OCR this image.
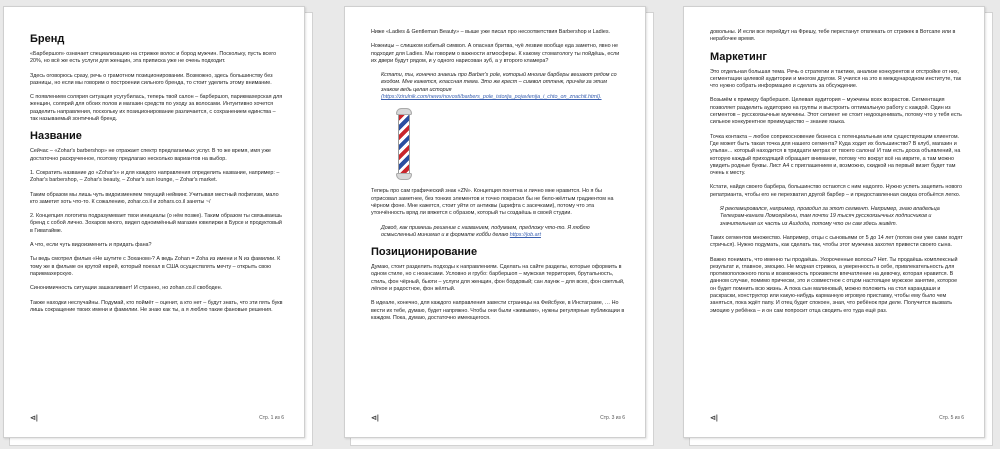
Бренд

«Барбершоп» означает специализацию на стрижке волос и бород мужчин. Поскольку, пусть всего 20%, но всё же есть услуги для женщин, эта приписка уже не очень подходит.

Здесь оговорюсь сразу, речь о грамотном позиционировании. Возможно, здесь большинству без разницы, но если мы говорим о построении сильного бренда, то стоит уделить этому внимание.

С появлением солярия ситуация усугубилась, теперь твой салон – барбершоп, парикмахерская для женщин, солярий для обоих полов и магазин средств по уходу за волосами. Интуитивно хочется разделить направления, поскольку их позиционирование различается, с сохранением единства – так называемый зонтичный бренд.

Название

Сейчас – «Zohar's barbershop» не отражает спектр предлагаемых услуг. В то же время, имя уже достаточно раскрученное, поэтому предлагаю несколько вариантов на выбор.

1. Сократить название до «Zohar's» и для каждого направления определить название, например: – Zohar's barbershop, – Zohar's beauty, – Zohar's sun lounge, – Zohar's market.

Таким образом мы лишь чуть видоизменяем текущий нейминг. Учитывая местный пофигизм, мало кто заметит хоть что-то. К сожалению, zohar.co.il и zohars.co.il заняты ~/

2. Концепция логотипа подразумевает твои инициалы (о нём позже). Таким образом ты связываешь бренд с собой лично. Зохаров много, видел одноимённый магазин ювелирки в Бурсе и продуктовый в Гиватайме.

А что, если чуть видоизменить и придать фана?

Ты ведь смотрел фильм «Не шутите с Зоханом»? А ведь Zohan = Zoha из имени и N из фамилии. К тому же в фильме он крутой еврей, который поехал в США осуществлять мечту – открыть свою парикмахерскую.

Синонимичность ситуации зашкаливает! И странно, но zohan.co.il свободен.

Также находки неслучайны. Подумай, кто поймёт – оценит, а кто нет – будут знать, что эти пять букв лишь сокращение твоих имени и фамилии. Не знаю как ты, а я люблю такие фановые решения.

⊲|	Стр. 1 из 6

Ниже «Ladies & Gentleman Beauty» – выше уже писал про несоответствия Barbershop и Ladies.

Ножницы – слишком избитый символ. А опасная бритва, чуё лезвие вообще еда заметно, явно не подходит для Ladies. Мы говорим о важности атмосферы. К какому стоматологу ты пойдёшь, если их двери будут рядом, и у одного нарисован зуб, а у второго кламера?

Кстати, ты, конечно знаешь про Barber's pole, который многие барберы вешают рядом со входом. Мне кажется, классная тема. Это же крест – символ оттенк, причём за этим знаком ведь целая история (https://zirulnik.com/news/novosti/barbers_pole_istorija_pojavlenija_i_chto_on_znachit.html).

Теперь про сам графический знак «ZN». Концепция понятна и лично мне нравится. Но я бы отрисовал заметнее, без тонких элементов и точно покрасил бы не бело-жёлтым градиентом на чёрном фоне. Мне кажется, стоит уйти от антиквы (шрифта с засечками), потому что эта утончённость вряд ли вяжется с образом, который ты создаёшь в своей студии.

Довод, как примешь решение с названием, подумаем, предложу что-то. Я люблю осмысленный минимал и в формате кобби делаю https://job.art
Позиционирование

Думаю, стоит разделить подходы к направлениям. Сделать на сайте разделы, которые оформить в одном стиле, но с нюансами. Условно и грубо: барбершоп – мужская территория, брутальность, стиль, фон чёрный, бьюти – услуги для женщин, фон бордовый; сан лаунж – для всех, фон светлый, лёгкое и радостное, фон жёлтый.

В идеале, конечно, для каждого направления завести страницы на Фейсбуке, в Инстаграме, … Но вести их тебе, думаю, будет напряжно. Чтобы они были «живыми», нужны регулярные публикации в каждом. Пока, думаю, достаточно имеющегося.

⊲|	Стр. 3 из 6

довольны. И если все перейдут на Фрешу, тебе перестанут отвлекать от стрижек в Вотсапе или в нерабочее время.

Маркетинг

Это отдельная большая тема. Речь о стратегии и тактике, анализе конкурентов и отстройке от них, сегментации целевой аудитории и многом другом. Я учился на это в международном институте, так что нужно собрать информацию и сделать за обсуждение.

Возьмём к примеру барбершоп. Целевая аудитория – мужчины всех возрастов. Сегментация позволяет разделить аудиторию на группы и выстроить оптимальную работу с каждой. Один из сегментов – русскоязычные мужчины. Этот сегмент не стоит недооценивать, потому что у тебя есть сильное конкурентное преимущество – знание языка.

Точка контакта – любое соприкосновение бизнеса с потенциальным или существующим клиентом. Где может быть такая точка для нашего сегмента? Куда ходит их большинство? В клуб, магазин и ульпан… который находится в тридцати метрах от твоего салона! И там есть доска объявлений, на которую каждый приходящий обращает внимание, потому что вокруг всё на иврите, а там можно увидеть родные буквы. Лист A4 с приглашением и, возможно, скидкой на первый визит будет там очень к месту.

Кстати, найдя своего барбера, большинство остаются с ним надолго. Нужно успеть зацепить нового репатрианта, чтобы его не перехватил другой барбер – и предоставленная скидка отобьётся легко.

Я рекламировался, например, проводил за этот сегмент. Например, знаю владельца Телеграм-канала Ломогрёжни, там почти 19 тысяч русскоязычных подписчиков и значительная их часть из Ашдода, потому что он сам здесь живёт.

Таких сегментов множество. Например, отцы с сыновьями от 5 до 14 лет (потом они уже сами ходят стричься). Нужно подумать, как сделать так, чтобы этот мужчина захотел привести своего сына.

Важно понимать, что именно ты продаёшь. Укороченные волосы? Нет. Ты продаёшь комплексный результат и, главное, эмоцию. Не модная стрижка, а уверенность в себе, привлекательность для противоположного пола и возможность произвести впечатление на девочку, которая нравится. В данном случае, помимо прически, это и совместное с отцом настоящее мужское занятие, которое он будет помнить всю жизнь. А пока сын малиновый, можно положить на стол карандаши и раскраски, конструктор или какую-нибудь карманную игровую приставку, чтобы ему было чем заняться, пока ждёт папу. И отец будет спокоен, зная, что ребёнок при деле. Получится вызвать эмоцию у ребёнка – и он сам попросит отца сводить его туда ещё раз.

⊲|	Стр. 5 из 6
